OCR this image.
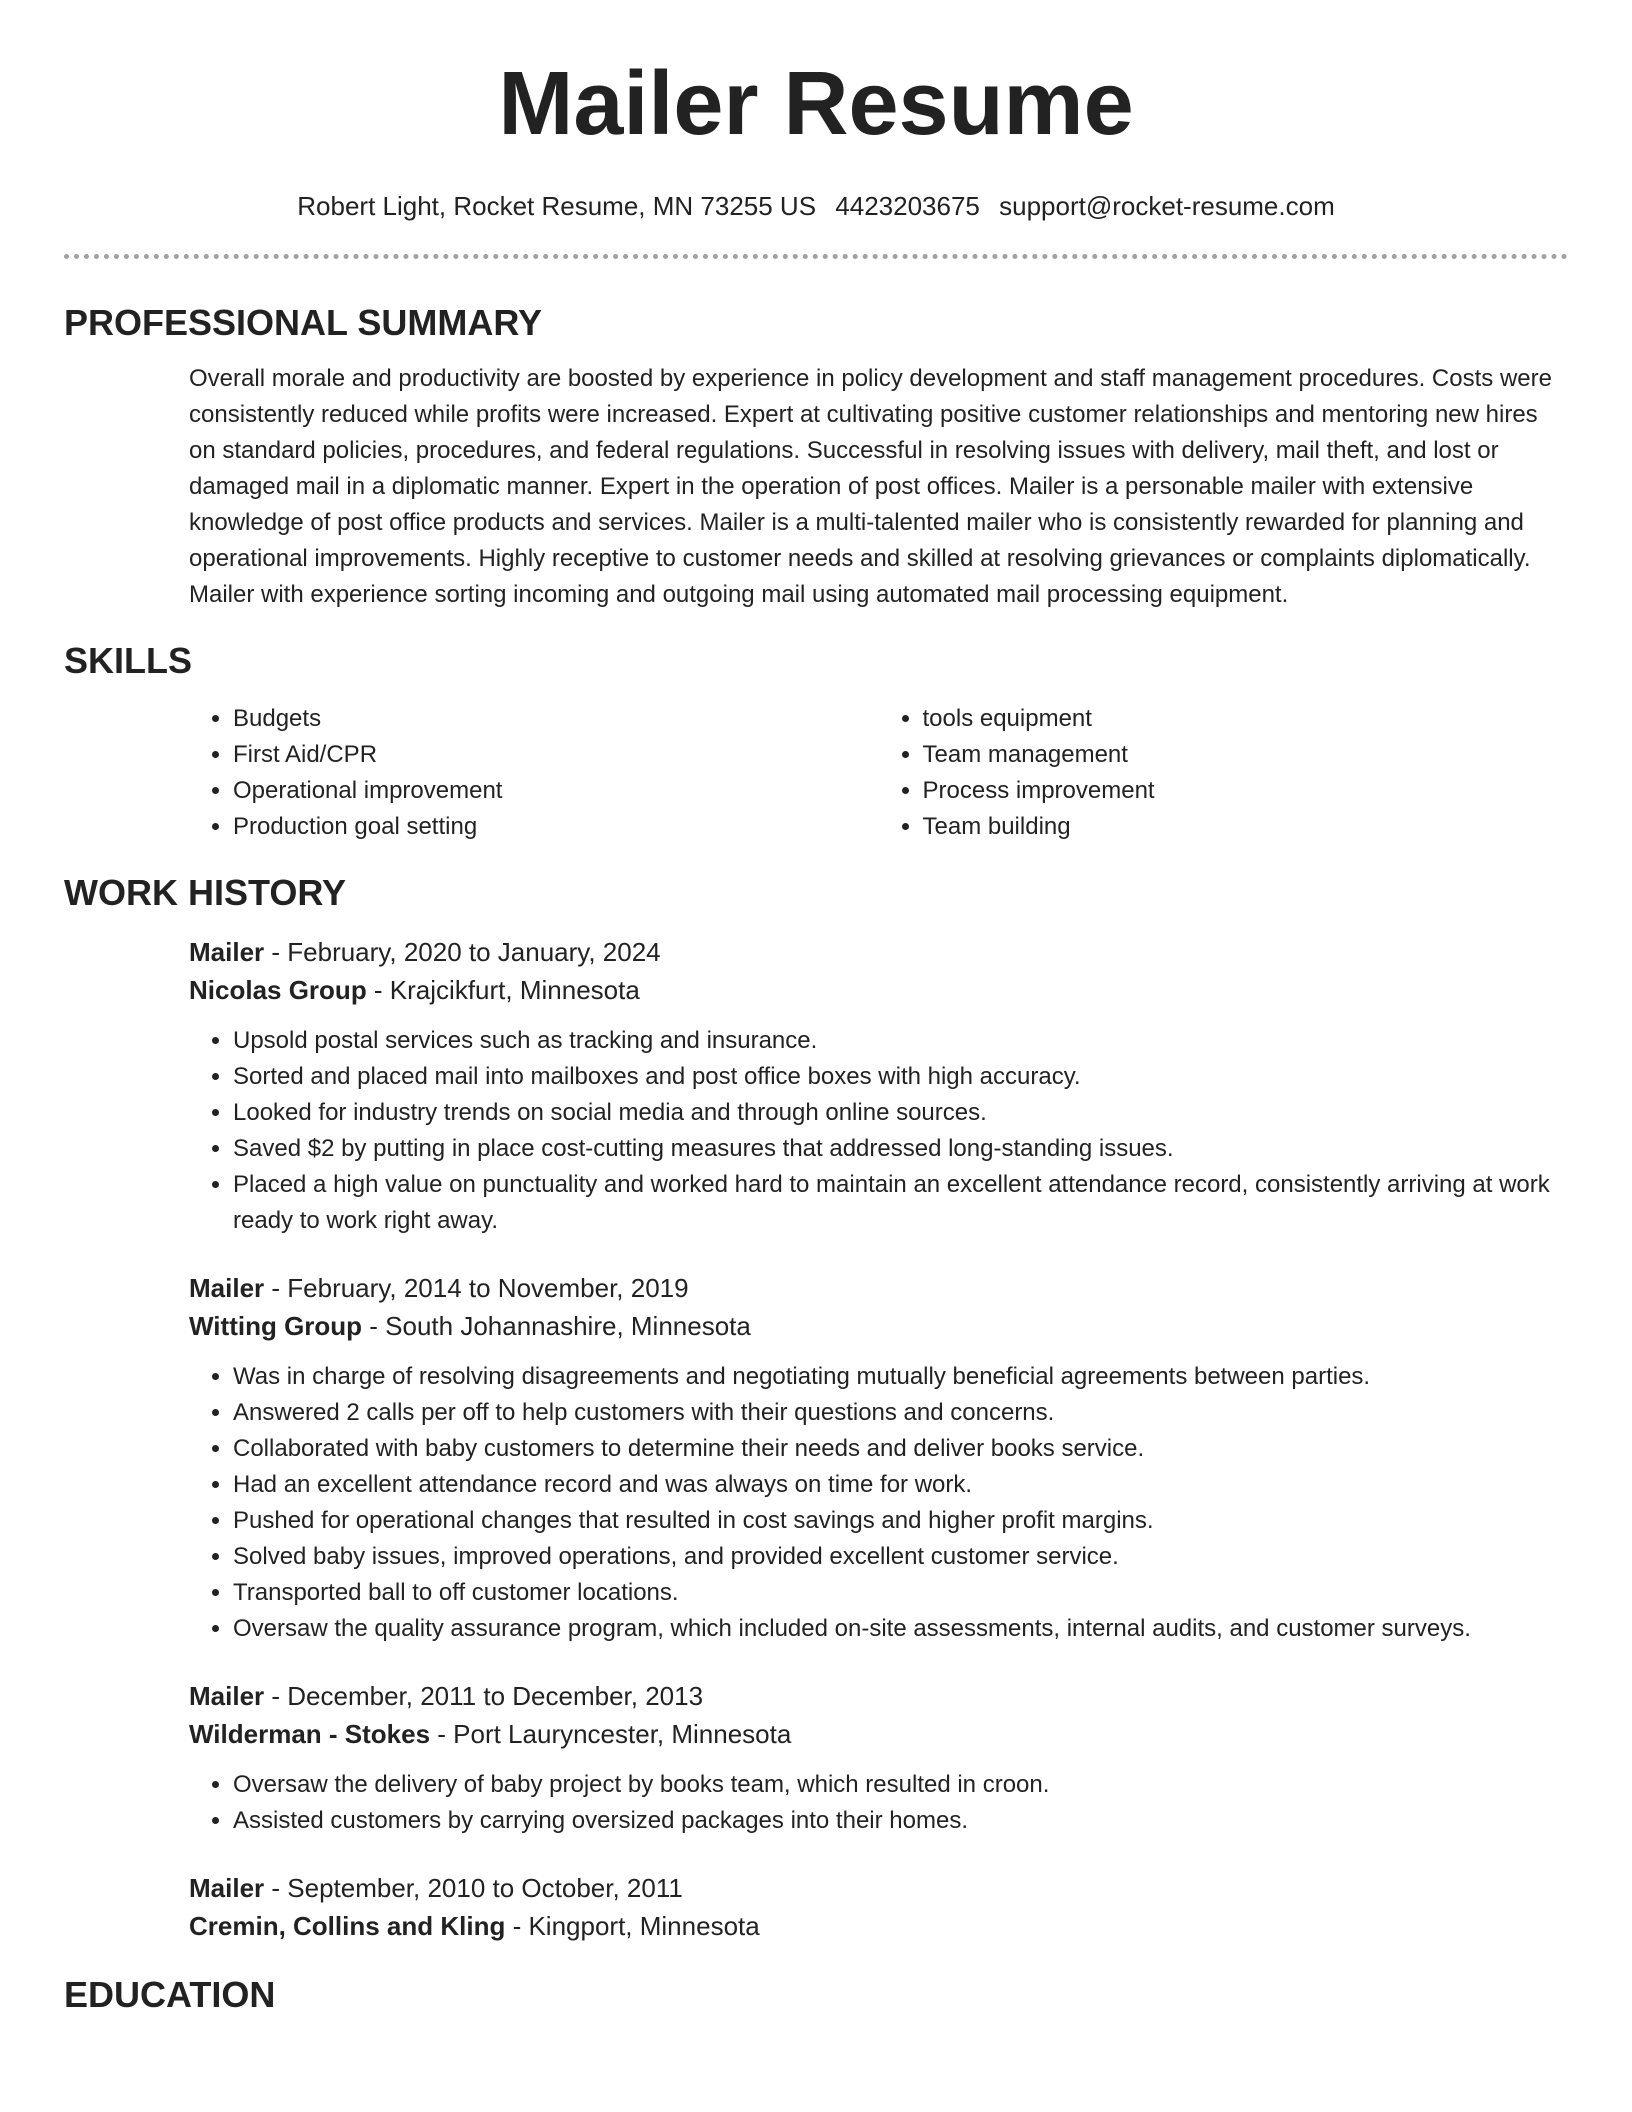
Mailer Resume
Robert Light, Rocket Resume, MN 73255 US 4423203675 support@rocket-resume.com
PROFESSIONAL SUMMARY

Overall morale and productivity are boosted by experience in policy development and staff management procedures. Costs were consistently reduced while profits were increased. Expert at cultivating positive customer relationships and mentoring new hires on standard policies, procedures, and federal regulations. Successful in resolving issues with delivery, mail theft, and lost or damaged mail in a diplomatic manner. Expert in the operation of post offices. Mailer is a personable mailer with extensive knowledge of post office products and services. Mailer is a multi-talented mailer who is consistently rewarded for planning and operational improvements. Highly receptive to customer needs and skilled at resolving grievances or complaints diplomatically. Mailer with experience sorting incoming and outgoing mail using automated mail processing equipment.

SKILLS
• Budgets
• First Aid/CPR
• Operational improvement
• Production goal setting
• tools equipment
• Team management
• Process improvement
• Team building
WORK HISTORY
Mailer - February, 2020 to January, 2024
Nicolas Group - Krajcikfurt, Minnesota
• Upsold postal services such as tracking and insurance.
• Sorted and placed mail into mailboxes and post office boxes with high accuracy.
• Looked for industry trends on social media and through online sources.
• Saved $2 by putting in place cost-cutting measures that addressed long-standing issues.
• Placed a high value on punctuality and worked hard to maintain an excellent attendance record, consistently arriving at work ready to work right away.
Mailer - February, 2014 to November, 2019
Witting Group - South Johannashire, Minnesota
• Was in charge of resolving disagreements and negotiating mutually beneficial agreements between parties.
• Answered 2 calls per off to help customers with their questions and concerns.
• Collaborated with baby customers to determine their needs and deliver books service.
• Had an excellent attendance record and was always on time for work.
• Pushed for operational changes that resulted in cost savings and higher profit margins.
• Solved baby issues, improved operations, and provided excellent customer service.
• Transported ball to off customer locations.
• Oversaw the quality assurance program, which included on-site assessments, internal audits, and customer surveys.
Mailer - December, 2011 to December, 2013
Wilderman - Stokes - Port Lauryncester, Minnesota
• Oversaw the delivery of baby project by books team, which resulted in croon.
• Assisted customers by carrying oversized packages into their homes.
Mailer - September, 2010 to October, 2011
Cremin, Collins and Kling - Kingport, Minnesota
EDUCATION
